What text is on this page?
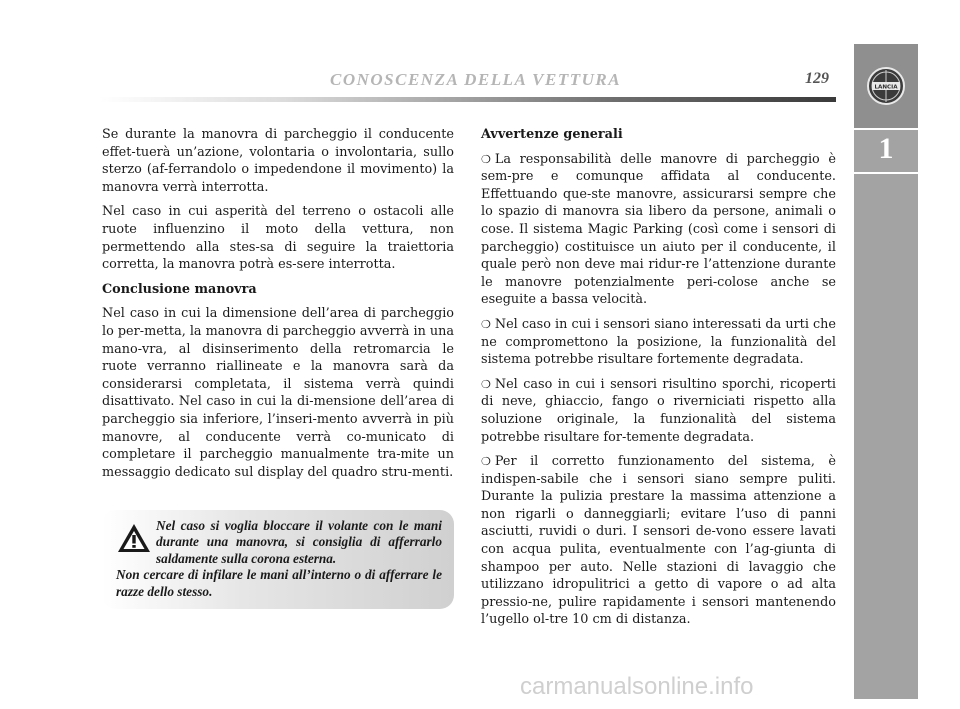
CONOSCENZA DELLA VETTURA	129
LANCIA
1

Se durante la manovra di parcheggio il conducente effet-tuerà un’azione, volontaria o involontaria, sullo sterzo (af-ferrandolo o impedendone il movimento) la manovra verrà interrotta.

Nel caso in cui asperità del terreno o ostacoli alle ruote influenzino il moto della vettura, non permettendo alla stes-sa di seguire la traiettoria corretta, la manovra potrà es-sere interrotta.

Conclusione manovra

Nel caso in cui la dimensione dell’area di parcheggio lo per-metta, la manovra di parcheggio avverrà in una mano-vra, al disinserimento della retromarcia le ruote verranno riallineate e la manovra sarà da considerarsi completata, il sistema verrà quindi disattivato. Nel caso in cui la di-mensione dell’area di parcheggio sia inferiore, l’inseri-mento avverrà in più manovre, al conducente verrà co-municato di completare il parcheggio manualmente tra-mite un messaggio dedicato sul display del quadro stru-menti.

Nel caso si voglia bloccare il volante con le mani durante una manovra, si consiglia di afferrarlo saldamente sulla corona esterna.
Non cercare di infilare le mani all’interno o di afferrare le razze dello stesso.
Avvertenze generali

❍ La responsabilità delle manovre di parcheggio è sem-pre e comunque affidata al conducente. Effettuando que-ste manovre, assicurarsi sempre che lo spazio di manovra sia libero da persone, animali o cose. Il sistema Magic Parking (così come i sensori di parcheggio) costituisce un aiuto per il conducente, il quale però non deve mai ridur-re l’attenzione durante le manovre potenzialmente peri-colose anche se eseguite a bassa velocità.

❍ Nel caso in cui i sensori siano interessati da urti che ne compromettono la posizione, la funzionalità del sistema potrebbe risultare fortemente degradata.

❍ Nel caso in cui i sensori risultino sporchi, ricoperti di neve, ghiaccio, fango o riverniciati rispetto alla soluzione originale, la funzionalità del sistema potrebbe risultare for-temente degradata.

❍ Per il corretto funzionamento del sistema, è indispen-sabile che i sensori siano sempre puliti. Durante la pulizia prestare la massima attenzione a non rigarli o danneggiarli; evitare l’uso di panni asciutti, ruvidi o duri. I sensori de-vono essere lavati con acqua pulita, eventualmente con l’ag-giunta di shampoo per auto. Nelle stazioni di lavaggio che utilizzano idropulitrici a getto di vapore o ad alta pressio-ne, pulire rapidamente i sensori mantenendo l’ugello ol-tre 10 cm di distanza.

carmanualsonline.info
